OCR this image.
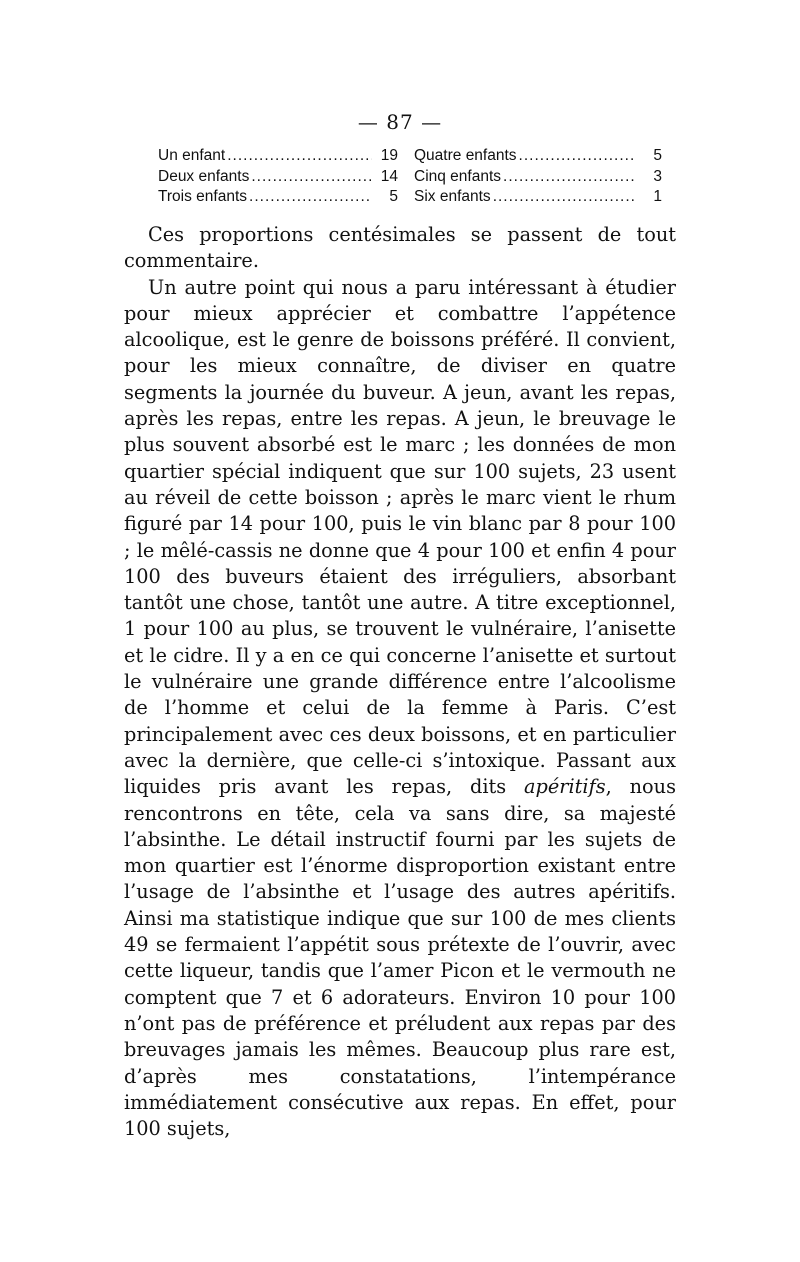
— 87 —
Un enfant .....	19 Quatre enfants .....	5
Deux enfants .....	14 Cinq enfants .....	3
Trois enfants .....	5 Six enfants .....	1

Ces proportions centésimales se passent de tout commentaire.

Un autre point qui nous a paru intéressant à étudier pour mieux apprécier et combattre l’appétence alcoolique, est le genre de boissons préféré. Il convient, pour les mieux connaître, de diviser en quatre segments la journée du buveur. A jeun, avant les repas, après les repas, entre les repas. A jeun, le breuvage le plus souvent absorbé est le marc ; les données de mon quartier spécial indiquent que sur 100 sujets, 23 usent au réveil de cette boisson ; après le marc vient le rhum figuré par 14 pour 100, puis le vin blanc par 8 pour 100 ; le mêlé-cassis ne donne que 4 pour 100 et enfin 4 pour 100 des buveurs étaient des irréguliers, absorbant tantôt une chose, tantôt une autre. A titre exceptionnel, 1 pour 100 au plus, se trouvent le vulnéraire, l’anisette et le cidre. Il y a en ce qui concerne l’anisette et surtout le vulnéraire une grande différence entre l’alcoolisme de l’homme et celui de la femme à Paris. C’est principalement avec ces deux boissons, et en particulier avec la dernière, que celle-ci s’intoxique. Passant aux liquides pris avant les repas, dits apéritifs, nous rencontrons en tête, cela va sans dire, sa majesté l’absinthe. Le détail instructif fourni par les sujets de mon quartier est l’énorme disproportion existant entre l’usage de l’absinthe et l’usage des autres apéritifs. Ainsi ma statistique indique que sur 100 de mes clients 49 se fermaient l’appétit sous prétexte de l’ouvrir, avec cette liqueur, tandis que l’amer Picon et le vermouth ne comptent que 7 et 6 adorateurs. Environ 10 pour 100 n’ont pas de préférence et préludent aux repas par des breuvages jamais les mêmes. Beaucoup plus rare est, d’après mes constatations, l’intempérance immédiatement consécutive aux repas. En effet, pour 100 sujets,
